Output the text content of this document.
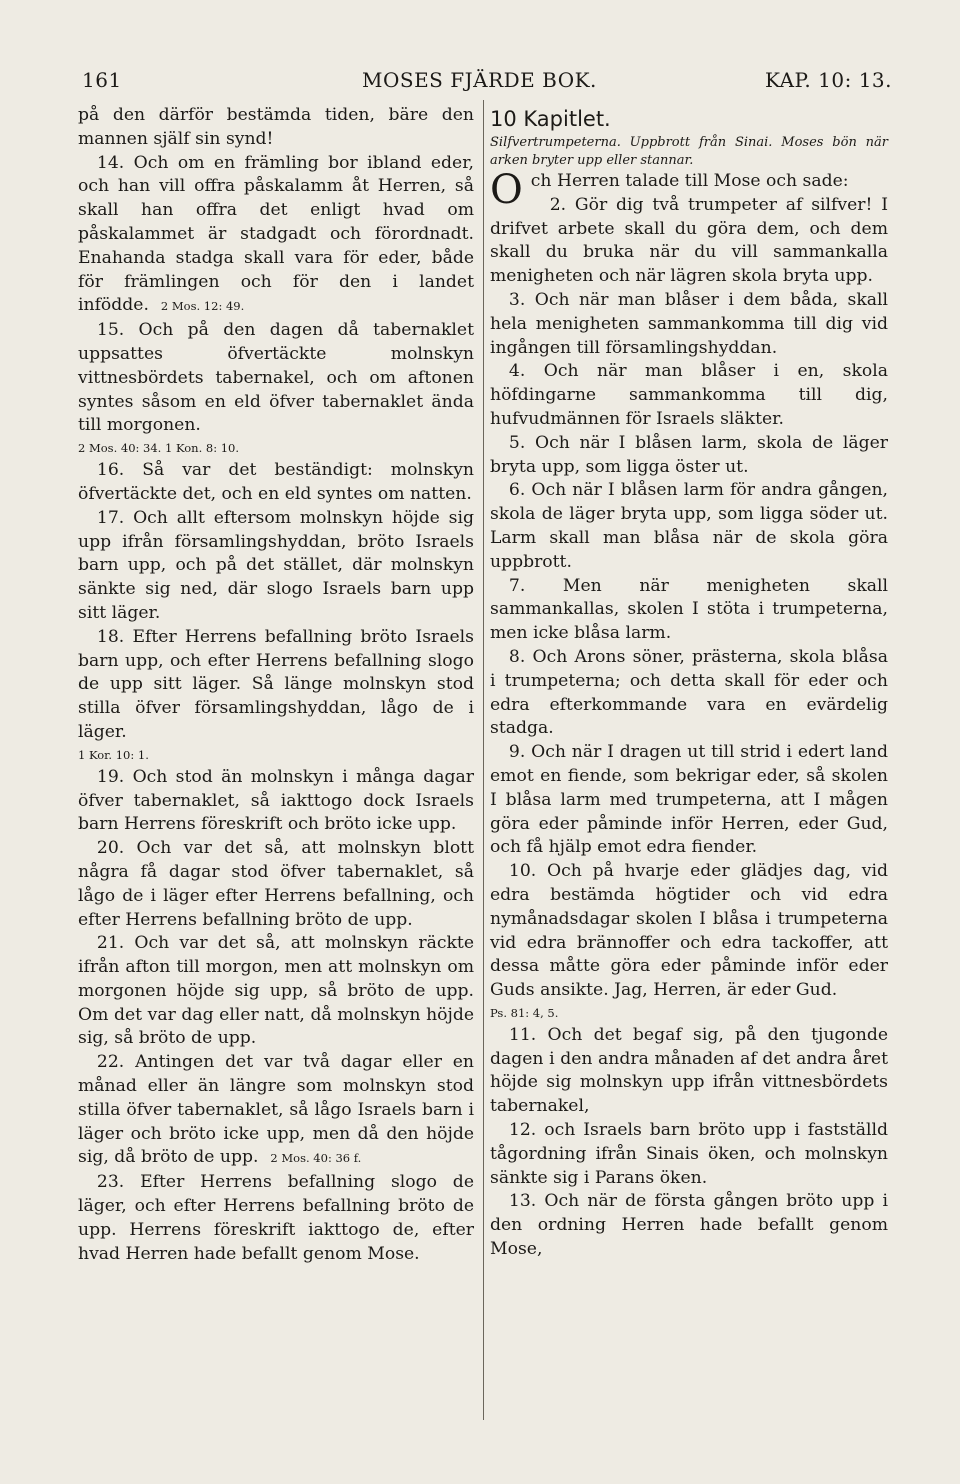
161	MOSES FJÄRDE BOK.	KAP. 10: 13.

på den därför bestämda tiden, bäre den mannen själf sin synd!

14. Och om en främling bor ibland eder, och han vill offra påskalamm åt Herren, så skall han offra det enligt hvad om påskalammet är stadgadt och förordnadt. Enahanda stadga skall vara för eder, både för främlingen och för den i landet infödde. 2 Mos. 12: 49.

15. Och på den dagen då tabernaklet uppsattes öfvertäckte molnskyn vittnesbördets tabernakel, och om aftonen syntes såsom en eld öfver tabernaklet ända till morgonen.

2 Mos. 40: 34. 1 Kon. 8: 10.

16. Så var det beständigt: molnskyn öfvertäckte det, och en eld syntes om natten.

17. Och allt eftersom molnskyn höjde sig upp ifrån församlingshyddan, bröto Israels barn upp, och på det stället, där molnskyn sänkte sig ned, där slogo Israels barn upp sitt läger.

18. Efter Herrens befallning bröto Israels barn upp, och efter Herrens befallning slogo de upp sitt läger. Så länge molnskyn stod stilla öfver församlingshyddan, lågo de i läger.

1 Kor. 10: 1.

19. Och stod än molnskyn i många dagar öfver tabernaklet, så iakttogo dock Israels barn Herrens föreskrift och bröto icke upp.

20. Och var det så, att molnskyn blott några få dagar stod öfver tabernaklet, så lågo de i läger efter Herrens befallning, och efter Herrens befallning bröto de upp.

21. Och var det så, att molnskyn räckte ifrån afton till morgon, men att molnskyn om morgonen höjde sig upp, så bröto de upp. Om det var dag eller natt, då molnskyn höjde sig, så bröto de upp.

22. Antingen det var två dagar eller en månad eller än längre som molnskyn stod stilla öfver tabernaklet, så lågo Israels barn i läger och bröto icke upp, men då den höjde sig, då bröto de upp. 2 Mos. 40: 36 f.

23. Efter Herrens befallning slogo de läger, och efter Herrens befallning bröto de upp. Herrens föreskrift iakttogo de, efter hvad Herren hade befallt genom Mose.

10 Kapitlet.

Silfvertrumpeterna. Uppbrott från Sinai. Moses bön när arken bryter upp eller stannar.

Och Herren talade till Mose och sade:

2. Gör dig två trumpeter af silfver! I drifvet arbete skall du göra dem, och dem skall du bruka när du vill sammankalla menigheten och när lägren skola bryta upp.

3. Och när man blåser i dem båda, skall hela menigheten sammankomma till dig vid ingången till församlingshyddan.

4. Och när man blåser i en, skola höfdingarne sammankomma till dig, hufvudmännen för Israels släkter.

5. Och när I blåsen larm, skola de läger bryta upp, som ligga öster ut.

6. Och när I blåsen larm för andra gången, skola de läger bryta upp, som ligga söder ut. Larm skall man blåsa när de skola göra uppbrott.

7. Men när menigheten skall sammankallas, skolen I stöta i trumpeterna, men icke blåsa larm.

8. Och Arons söner, prästerna, skola blåsa i trumpeterna; och detta skall för eder och edra efterkommande vara en evärdelig stadga.

9. Och när I dragen ut till strid i edert land emot en fiende, som bekrigar eder, så skolen I blåsa larm med trumpeterna, att I mågen göra eder påminde inför Herren, eder Gud, och få hjälp emot edra fiender.

10. Och på hvarje eder glädjes dag, vid edra bestämda högtider och vid edra nymånadsdagar skolen I blåsa i trumpeterna vid edra brännoffer och edra tackoffer, att dessa måtte göra eder påminde inför eder Guds ansikte. Jag, Herren, är eder Gud.

Ps. 81: 4, 5.

11. Och det begaf sig, på den tjugonde dagen i den andra månaden af det andra året höjde sig molnskyn upp ifrån vittnesbördets tabernakel,

12. och Israels barn bröto upp i fastställd tågordning ifrån Sinais öken, och molnskyn sänkte sig i Parans öken.

13. Och när de första gången bröto upp i den ordning Herren hade befallt genom Mose,
